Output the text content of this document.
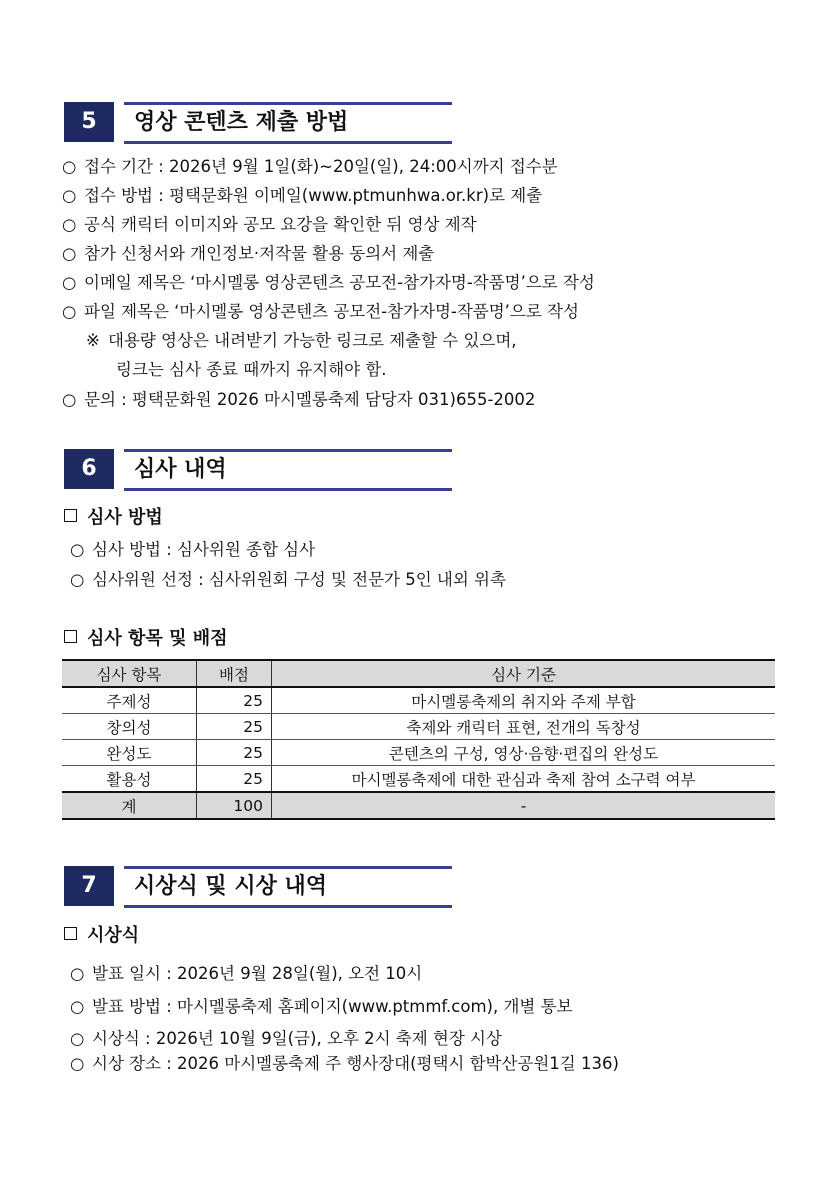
5	영상 콘텐츠 제출 방법
○ 접수 기간 : 2026년 9월 1일(화)~20일(일), 24:00시까지 접수분
○ 접수 방법 : 평택문화원 이메일(www.ptmunhwa.or.kr)로 제출
○ 공식 캐릭터 이미지와 공모 요강을 확인한 뒤 영상 제작
○ 참가 신청서와 개인정보·저작물 활용 동의서 제출
○ 이메일 제목은 ‘마시멜롱 영상콘텐츠 공모전-참가자명-작품명’으로 작성
○ 파일 제목은 ‘마시멜롱 영상콘텐츠 공모전-참가자명-작품명’으로 작성
※ 대용량 영상은 내려받기 가능한 링크로 제출할 수 있으며,
링크는 심사 종료 때까지 유지해야 함.
○ 문의 : 평택문화원 2026 마시멜롱축제 담당자 031)655-2002
6	심사 내역
심사 방법
○ 심사 방법 : 심사위원 종합 심사
○ 심사위원 선정 : 심사위원회 구성 및 전문가 5인 내외 위촉
심사 항목 및 배점
심사 항목	배점	심사 기준
주제성	25	마시멜롱축제의 취지와 주제 부합
창의성	25	축제와 캐릭터 표현, 전개의 독창성
완성도	25	콘텐츠의 구성, 영상·음향·편집의 완성도
활용성	25	마시멜롱축제에 대한 관심과 축제 참여 소구력 여부
계	100	-
7	시상식 및 시상 내역
시상식
○ 발표 일시 : 2026년 9월 28일(월), 오전 10시
○ 발표 방법 : 마시멜롱축제 홈페이지(www.ptmmf.com), 개별 통보
○ 시상식 : 2026년 10월 9일(금), 오후 2시 축제 현장 시상
○ 시상 장소 : 2026 마시멜롱축제 주 행사장대(평택시 함박산공원1길 136)
